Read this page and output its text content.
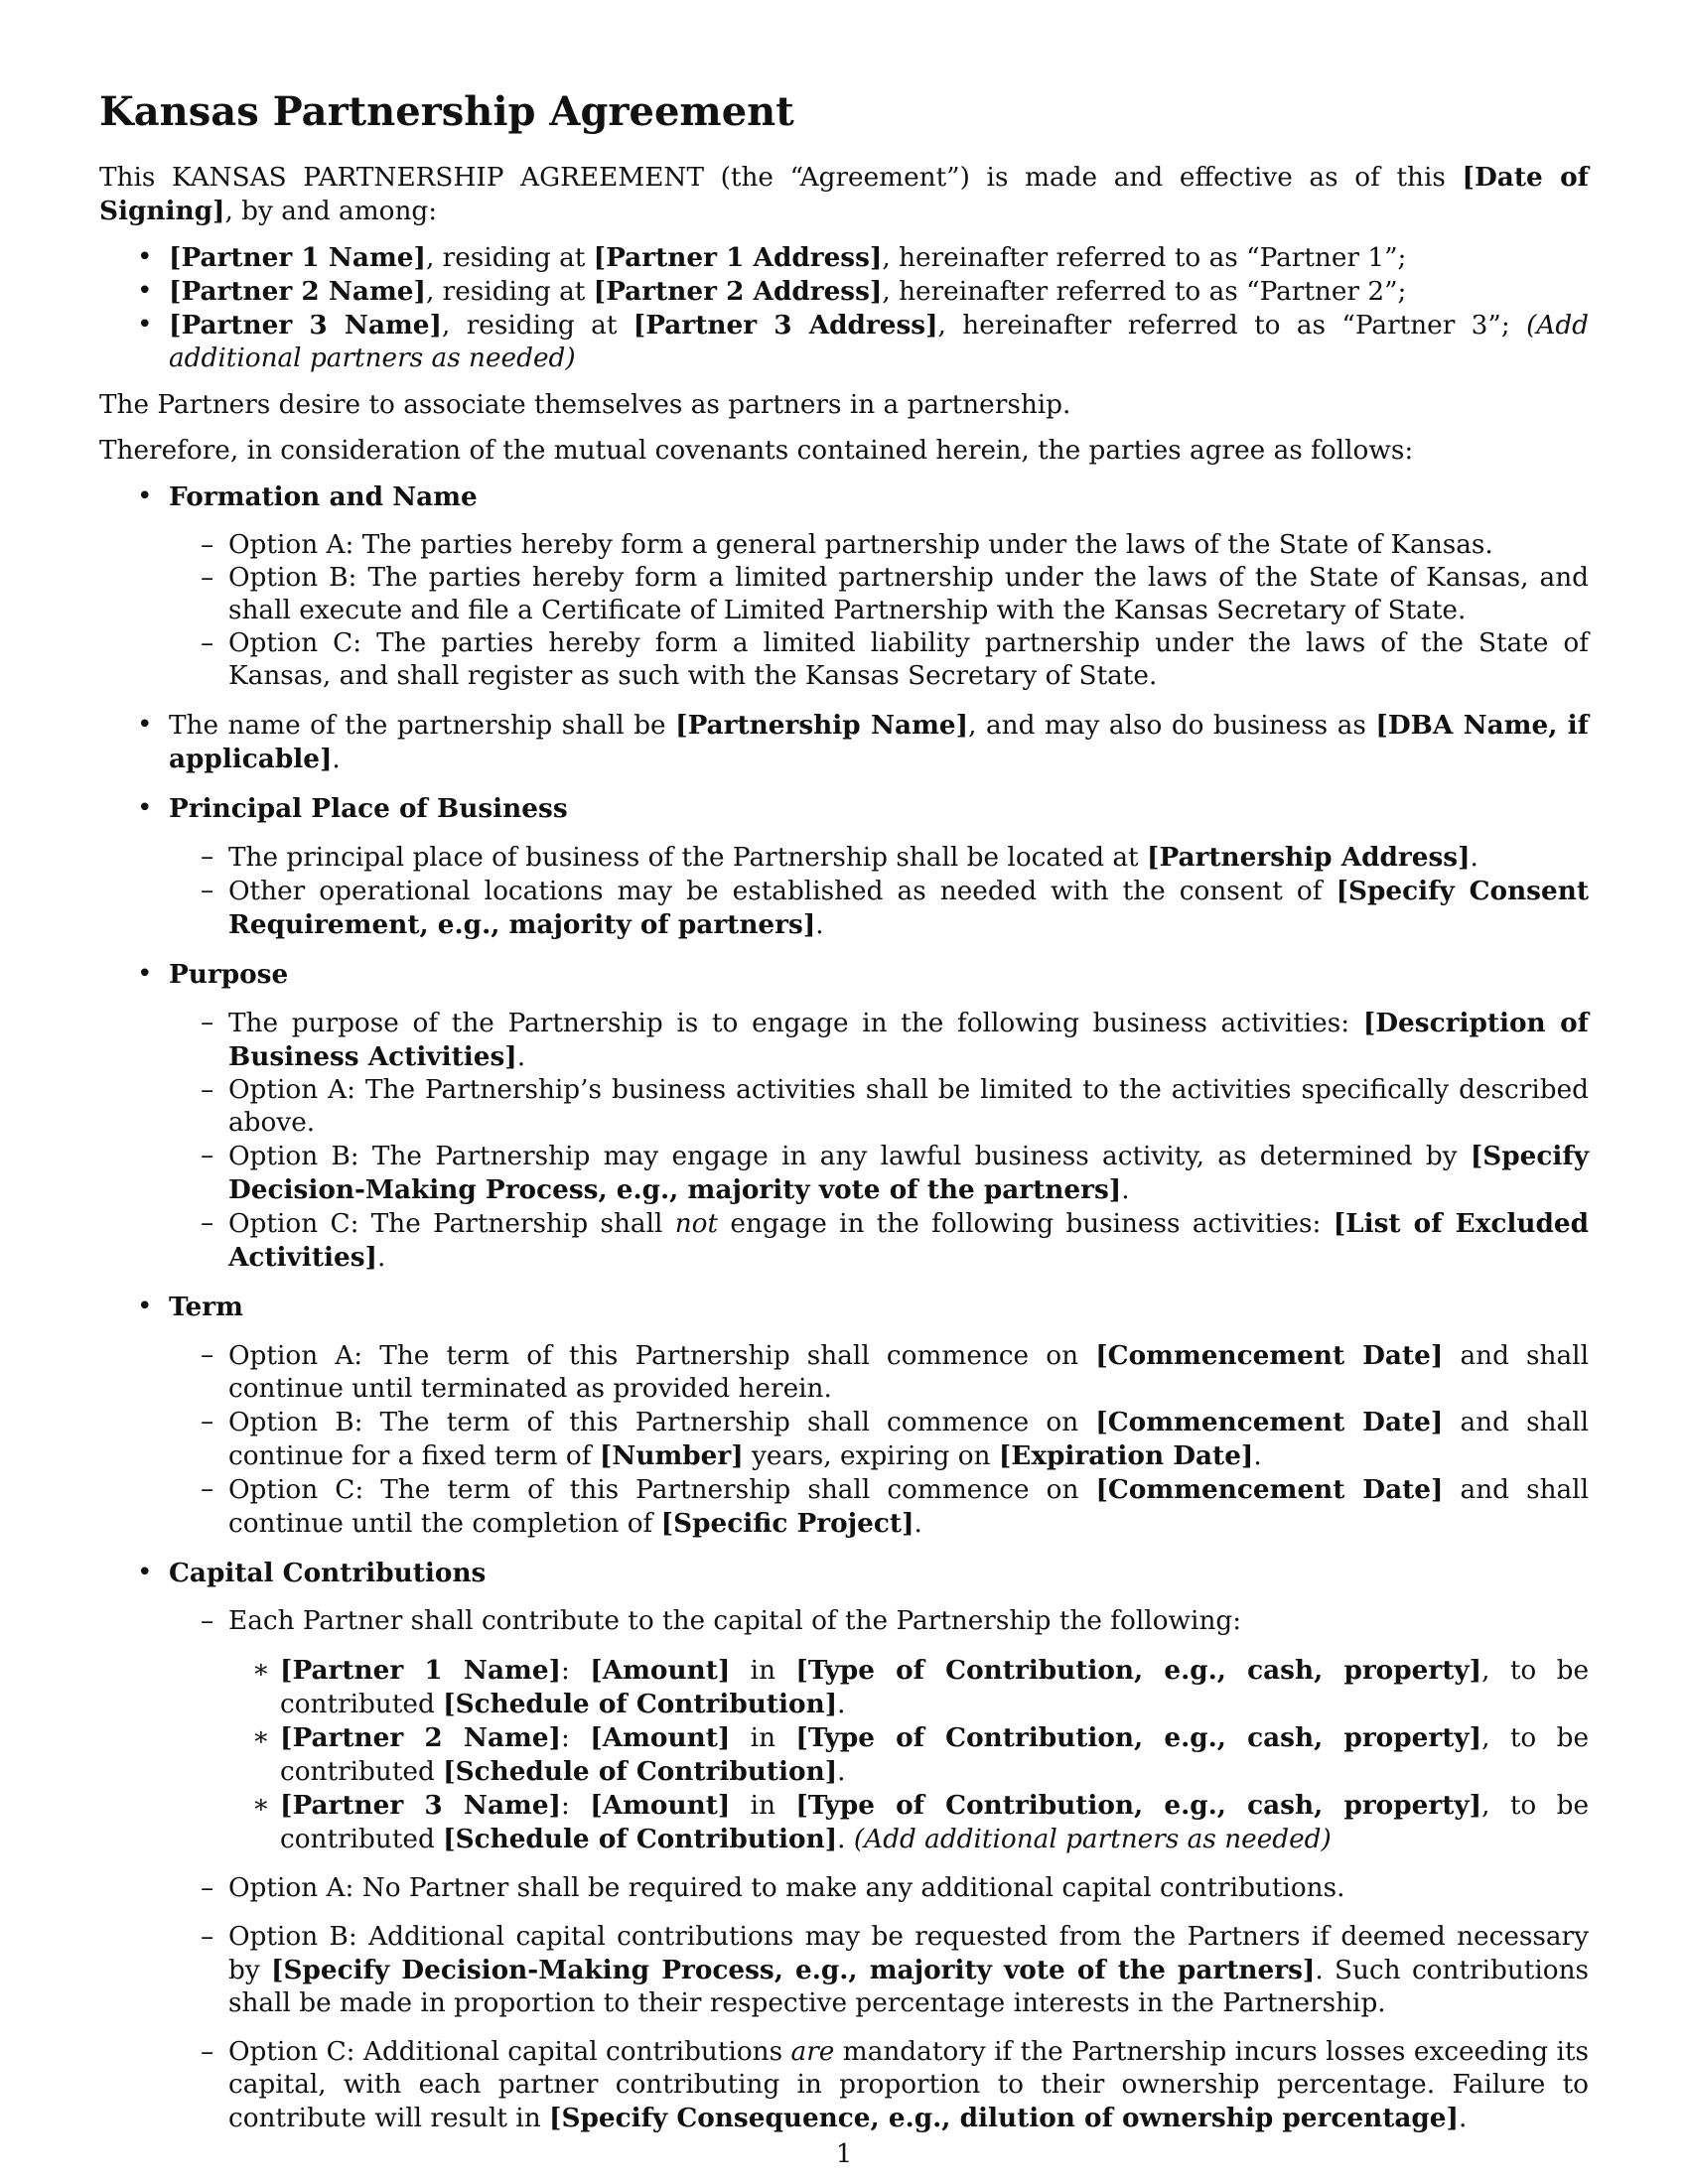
Kansas Partnership Agreement

This KANSAS PARTNERSHIP AGREEMENT (the “Agreement”) is made and effective as of this [Date of Signing], by and among:

• [Partner 1 Name], residing at [Partner 1 Address], hereinafter referred to as “Partner 1”;
• [Partner 2 Name], residing at [Partner 2 Address], hereinafter referred to as “Partner 2”;
• [Partner 3 Name], residing at [Partner 3 Address], hereinafter referred to as “Partner 3”; (Add additional partners as needed)

The Partners desire to associate themselves as partners in a partnership.

Therefore, in consideration of the mutual covenants contained herein, the parties agree as follows:

• Formation and Name
– Option A: The parties hereby form a general partnership under the laws of the State of Kansas.
– Option B: The parties hereby form a limited partnership under the laws of the State of Kansas, and shall execute and file a Certificate of Limited Partnership with the Kansas Secretary of State.
– Option C: The parties hereby form a limited liability partnership under the laws of the State of Kansas, and shall register as such with the Kansas Secretary of State.
• The name of the partnership shall be [Partnership Name], and may also do business as [DBA Name, if applicable].
• Principal Place of Business
– The principal place of business of the Partnership shall be located at [Partnership Address].
– Other operational locations may be established as needed with the consent of [Specify Consent Requirement, e.g., majority of partners].
• Purpose
– The purpose of the Partnership is to engage in the following business activities: [Description of Business Activities].
– Option A: The Partnership’s business activities shall be limited to the activities specifically described above.
– Option B: The Partnership may engage in any lawful business activity, as determined by [Specify Decision-Making Process, e.g., majority vote of the partners].
– Option C: The Partnership shall not engage in the following business activities: [List of Excluded Activities].
• Term
– Option A: The term of this Partnership shall commence on [Commencement Date] and shall continue until terminated as provided herein.
– Option B: The term of this Partnership shall commence on [Commencement Date] and shall continue for a fixed term of [Number] years, expiring on [Expiration Date].
– Option C: The term of this Partnership shall commence on [Commencement Date] and shall continue until the completion of [Specific Project].
• Capital Contributions
– Each Partner shall contribute to the capital of the Partnership the following:
∗ [Partner 1 Name]: [Amount] in [Type of Contribution, e.g., cash, property], to be contributed [Schedule of Contribution].
∗ [Partner 2 Name]: [Amount] in [Type of Contribution, e.g., cash, property], to be contributed [Schedule of Contribution].
∗ [Partner 3 Name]: [Amount] in [Type of Contribution, e.g., cash, property], to be contributed [Schedule of Contribution]. (Add additional partners as needed)
– Option A: No Partner shall be required to make any additional capital contributions.
– Option B: Additional capital contributions may be requested from the Partners if deemed necessary by [Specify Decision-Making Process, e.g., majority vote of the partners]. Such contributions shall be made in proportion to their respective percentage interests in the Partnership.
– Option C: Additional capital contributions are mandatory if the Partnership incurs losses exceeding its capital, with each partner contributing in proportion to their ownership percentage. Failure to contribute will result in [Specify Consequence, e.g., dilution of ownership percentage].
1
